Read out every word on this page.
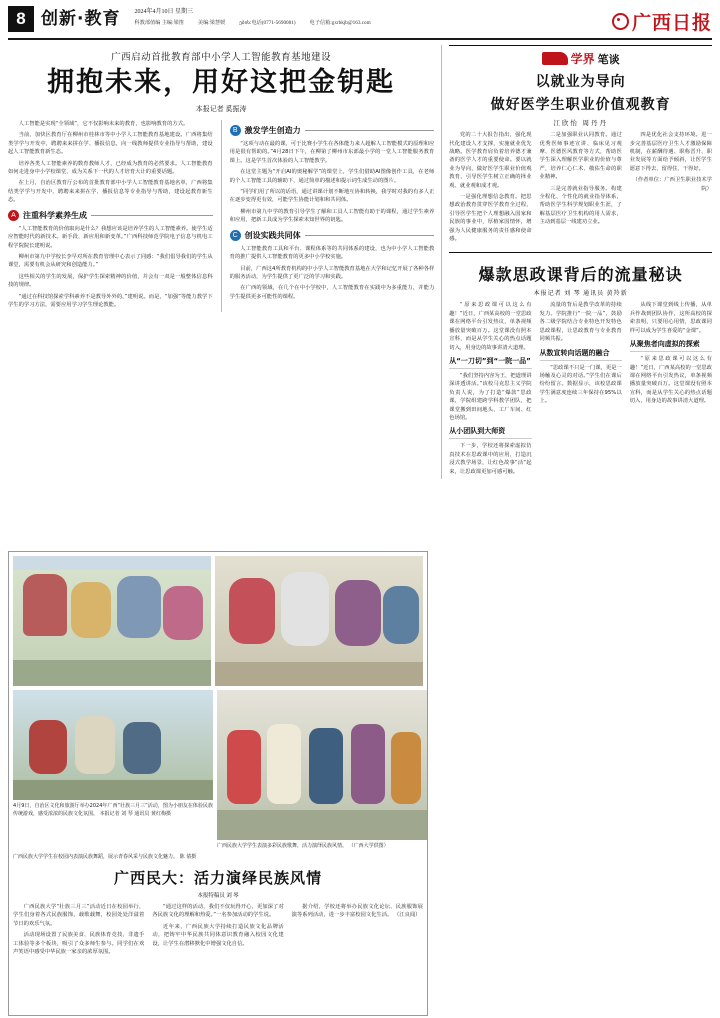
8 创新·教育 2024年4月10日 星期三
科教部值编 主编:梁笛	美编:梁慧媛	ების:电话(0771-5690081)	电子信箱:gxrbkjb@163.com	广西日报
广西启动首批教育部中小学人工智能教育基地建设
拥抱未来，用好这把金钥匙
本报记者 奚振涛

人工智能是实现“全领域”，它不仅影响未来的教育，也影响教育的方式。

当前，加快区教育厅在柳州市桂林市等中小学人工智能教育基地建设。广西将集结类学学与开发中，聘聘来来拼在学、播报信息，向一线教师提供专业指导与帮助，建设起人工智能教育新生态。

培养各类人工智能素养的数育教师人才，已经成为教育的必然要求。人工智能教育如何走进身中小学校课堂，成为关系下一代的人才培育大计的重要话题。

在上月，自治区教育厅公布的首批教育部中小学人工智能教育基地名单，广西将集结类学学与开发中，聘聘来来拼在学、播报信息等专业指导与帮助，建设起教育新生态。

A 注重科学素养生成

“人工智能教育的价值取向是什么？我想应该是培养学生的人工智能素养。使学生适应智能时代的新技术。新手段、新应用和新变革。”广西科技师范学院电子信息与机电工程学院院长建明说。

柳州市第九中学校长李早对所在教育管理中心表示了同感：“我们倡导我们的学生从课堂，需要有机会从研究和创造能力。”

这些相关的学生的发展，保护学生探索精神的价值，并会有一双是一般整体信息科技的规律。

“通过在科技馆探索学科素养不是教导外外的，”建明说。而是，“加强”等能力教学下学生的学习方法，需要应用学习学生理论教能。

B 激发学生创造力

“这项与动在最的课，可于比赛小学生在各体能力来人超解人工智能模式的原理和应用是很有帮助的。”4月28日下午，在柳第了柳州市东部最小学的一堂人工智能服务教育课上。这是学生首次体验的人工智能教学。

在这堂主题为“开启AI的奥秘解学”的课堂上，学生们借助AI图像创作工具，在老师的个人工智能工具的辅助下，通过简单的描述和提示词生成生动的图片。

“同学们用了所以的话语，通过讲课计划不断地互协和转换，我学时对我的有多人正在逐步变得更有效，可能学生协能计划和和共同体。

柳州市第九中学的教育引导学生了解和工具人工智能有助于的课程，通过学生素养和应用，把新工具成为学生探索未知世界的钥匙。

C 创设实践共同体

人工智能教育工具和平台、课程体系等的共同体系的建设，也为中小学人工智能教育的推广提供人工智能教育的更多中小学校实施。

目前，广西这4所教育机构的中小学人工智能教育基地在大学和记忆开展了各种各样的服务活动，为学生提供了更广泛的学习和实践。

在广西的领域，在几个在中小学校中，人工智能教育在实践中为多重能力，并能力学生提供更多可能性的课程。

学界 笔谈
以就业为导向
做好医学生职业价值观教育
江欣怡 周丹丹

党的二十大报告指出，强化现代化建设人才支撑，实施就业优先战略。医学教育肩负着培养德才兼备的医学人才的重要使命。要以就业为导向，做好医学生职业价值观教育，引导医学生树立正确的择业观、就业观和成才观。

一是强化理想信念教育。把思想政治教育贯穿医学教育全过程，引导医学生把个人理想融入国家和民族的事业中，厚植家国情怀，增强为人民健康服务的责任感和使命感。

二是加强职业认同教育。通过优秀医师事迹宣讲、临床见习观摩、医德医风教育等方式，帮助医学生深入理解医学职业的价值与尊严，培养仁心仁术、敬佑生命的职业精神。

三是完善就业指导服务。构建全程化、个性化的就业指导体系，帮助医学生科学规划职业生涯，了解基层医疗卫生机构的用人需求，主动到基层一线建功立业。

四是优化社会支持环境。进一步完善基层医疗卫生人才激励保障机制，在薪酬待遇、职称晋升、职业发展等方面给予倾斜，让医学生愿意下得去、留得住、干得好。

（作者单位：广西卫生职业技术学院）

爆款思政课背后的流量秘诀
本报记者 刘 琴 通讯员 黄羚新

“原来思政课可以这么有趣！”近日，广西某高校的一堂思政课在网络平台引发热议，单条视频播放量突破百万。这堂课没有照本宣科，而是从学生关心的热点话题切入，用身边的故事讲清大道理。

从“一刀切”到“一院一品”

“我们坚持内容为王，把道理讲深讲透讲活。”该校马克思主义学院负责人说，为了打造“爆款”思政课，学院组建跨学科教学团队，把课堂搬到田间地头、工厂车间、红色场馆。

从小团队到大师资

下一步，学校还将探索虚拟仿真技术在思政课中的应用，打造沉浸式教学场景，让红色故事“活”起来，让思政课更加可感可触。

流量的背后是教学改革的持续发力。学院推行“一院一品”，鼓励各二级学院结合专业特色开发特色思政课程，让思政教育与专业教育同频共振。

从数宣转向话题的融合

“思政课不只是一门课，更是一场触及心灵的对话。”学生们在课后纷纷留言。数据显示，该校思政课学生满意度连续三年保持在95%以上。

从线下课堂到线上传播，从单兵作战到团队协作，这所高校的探索表明，只要用心用情，思政课同样可以成为学生喜爱的“金课”。

从聚焦者向虚拟的探索

“原来思政课可以这么有趣！”近日，广西某高校的一堂思政课在网络平台引发热议，单条视频播放量突破百万。这堂课没有照本宣科，而是从学生关心的热点话题切入，用身边的故事讲清大道理。

4月9日，自治区文化和旅游厅举办2024年广西“壮族三月三”活动，图为小朋友在体验民族传统游戏，感受浓浓的民族文化氛围。 本报记者 刘 琴 通讯员 黄红梅摄
广西民族大学学生表演多彩民族歌舞，活力演绎民族风情。 （广西大学供图）
广西民族大学学生在校园内表演民族舞蹈，展示青春风采与民族文化魅力。 陈 倩摄
广西民大：活力演绎民族风情
本报特稿员 刘 琴

广西民族大学“壮族三月三”活动近日在校园举行，学生们身着各式民族服饰，载歌载舞，校园处处洋溢着节日的欢乐气氛。

活动现场设置了民族美食、民族体育竞技、非遗手工体验等多个板块，吸引了众多师生参与。同学们在欢声笑语中感受中华民族一家亲的浓厚氛围。

“通过这样的活动，我们不仅玩得开心，更加深了对各民族文化的理解和热爱。”一名参加活动的学生说。

近年来，广西民族大学持续打造民族文化品牌活动，把铸牢中华民族共同体意识教育融入校园文化建设，让学生在潜移默化中增强文化自信。

据介绍，学校还将举办民族文化论坛、民族服饰展演等系列活动，进一步丰富校园文化生活。 （江良闻）
